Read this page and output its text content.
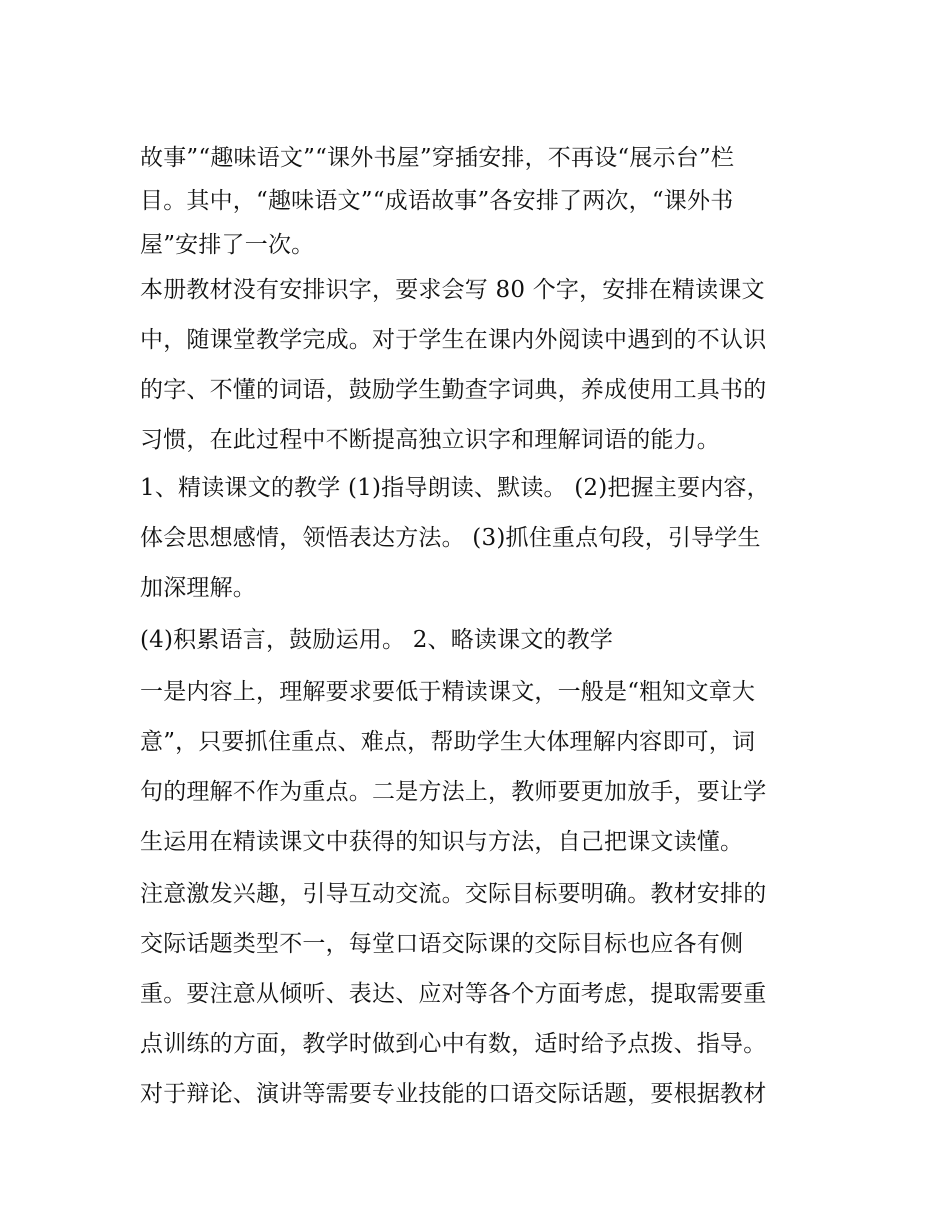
故事”“趣味语文”“课外书屋”穿插安排，不再设“展示台”栏
目。其中，“趣味语文”“成语故事”各安排了两次，“课外书
屋”安排了一次。
本册教材没有安排识字，要求会写 80 个字，安排在精读课文
中，随课堂教学完成。对于学生在课内外阅读中遇到的不认识
的字、不懂的词语，鼓励学生勤查字词典，养成使用工具书的
习惯，在此过程中不断提高独立识字和理解词语的能力。
1、精读课文的教学 (1)指导朗读、默读。 (2)把握主要内容，
体会思想感情，领悟表达方法。 (3)抓住重点句段，引导学生
加深理解。
(4)积累语言，鼓励运用。 2、略读课文的教学
一是内容上，理解要求要低于精读课文，一般是“粗知文章大
意”，只要抓住重点、难点，帮助学生大体理解内容即可，词
句的理解不作为重点。二是方法上，教师要更加放手，要让学
生运用在精读课文中获得的知识与方法，自己把课文读懂。
注意激发兴趣，引导互动交流。交际目标要明确。教材安排的
交际话题类型不一，每堂口语交际课的交际目标也应各有侧
重。要注意从倾听、表达、应对等各个方面考虑，提取需要重
点训练的方面，教学时做到心中有数，适时给予点拨、指导。
对于辩论、演讲等需要专业技能的口语交际话题，要根据教材
